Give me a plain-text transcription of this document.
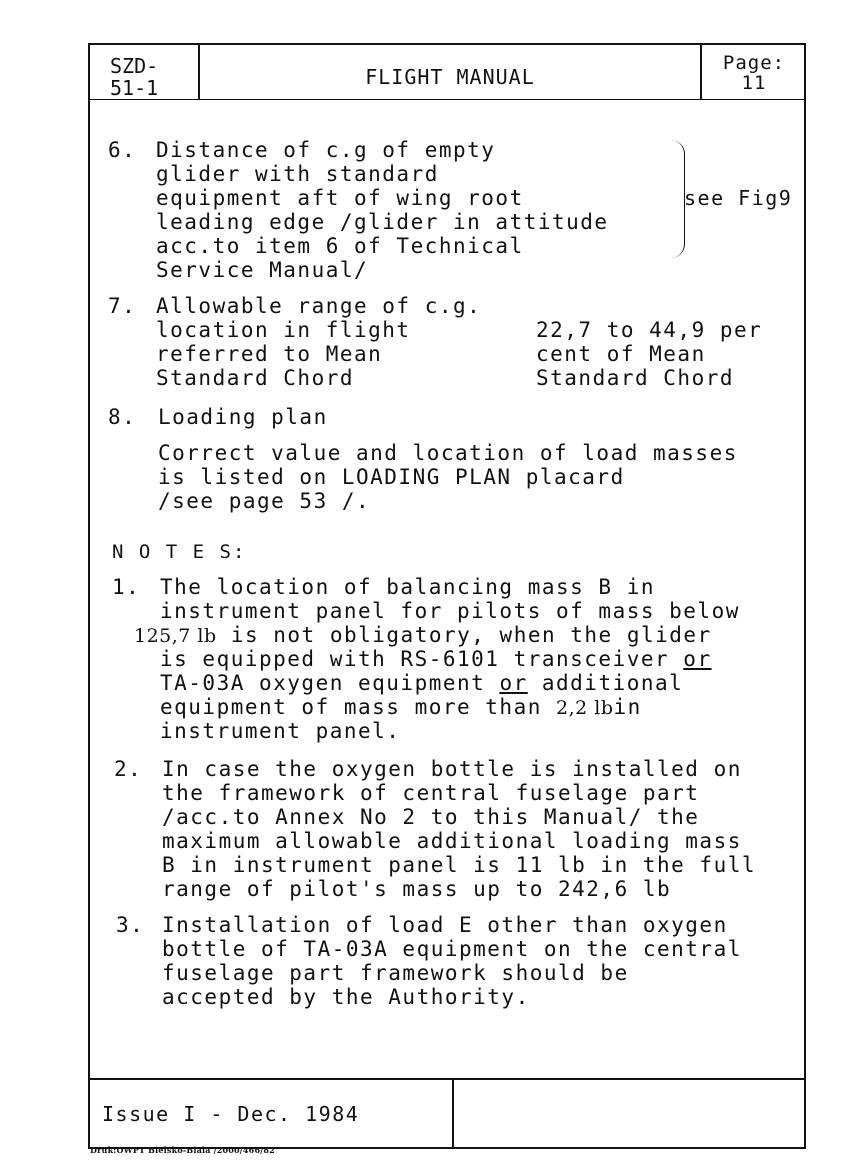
SZD-
51-1	FLIGHT MANUAL
Page:
11
6. Distance of c.g of empty
glider with standard
equipment aft of wing root
leading edge /glider in attitude
acc.to item 6 of Technical
Service Manual/
see Fig9
7. Allowable range of c.g.
location in flight
referred to Mean
Standard Chord
22,7 to 44,9 per
cent of Mean
Standard Chord
8. Loading plan
Correct value and location of load masses
is listed on LOADING PLAN placard
/see page 53 /.
N O T E S:
1. The location of balancing mass B in
instrument panel for pilots of mass below
125,7 lb is not obligatory, when the glider
is equipped with RS-6101 transceiver or
TA-03A oxygen equipment or additional
equipment of mass more than 2,2 lbin
instrument panel.
2. In case the oxygen bottle is installed on
the framework of central fuselage part
/acc.to Annex No 2 to this Manual/ the
maximum allowable additional loading mass
B in instrument panel is 11 lb in the full
range of pilot's mass up to 242,6 lb
3. Installation of load E other than oxygen
bottle of TA-03A equipment on the central
fuselage part framework should be
accepted by the Authority.
Issue I - Dec. 1984
Druk:OWPT Bielsko-Biala /2000/466/82
